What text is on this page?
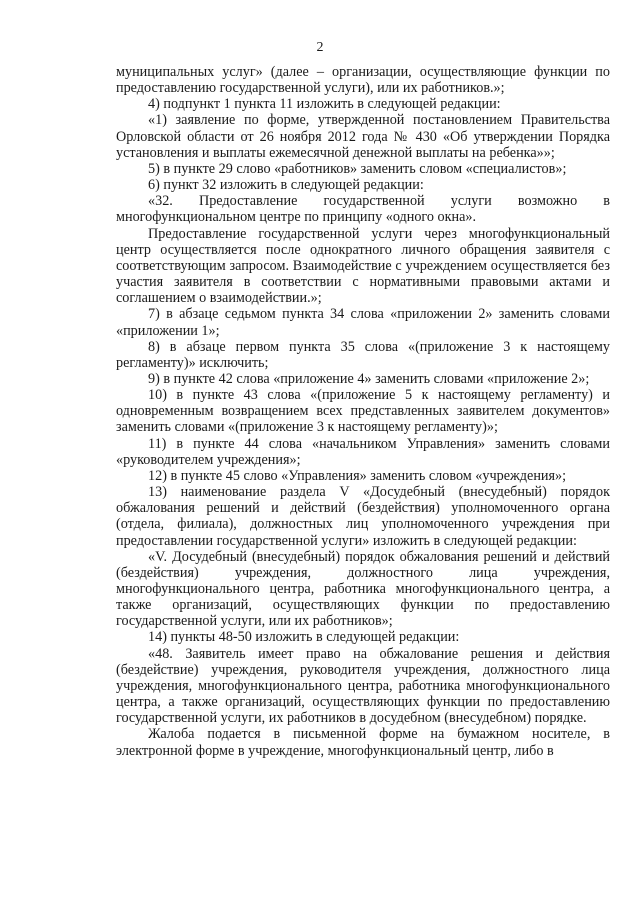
2

муниципальных услуг» (далее – организации, осуществляющие функции по предоставлению государственной услуги), или их работников.»;

4) подпункт 1 пункта 11 изложить в следующей редакции:

«1) заявление по форме, утвержденной постановлением Правительства Орловской области от 26 ноября 2012 года № 430 «Об утверждении Порядка установления и выплаты ежемесячной денежной выплаты на ребенка»»;

5) в пункте 29 слово «работников» заменить словом «специалистов»;

6) пункт 32 изложить в следующей редакции:

«32. Предоставление государственной услуги возможно в многофункциональном центре по принципу «одного окна».

Предоставление государственной услуги через многофункциональный центр осуществляется после однократного личного обращения заявителя с соответствующим запросом. Взаимодействие с учреждением осуществляется без участия заявителя в соответствии с нормативными правовыми актами и соглашением о взаимодействии.»;

7) в абзаце седьмом пункта 34 слова «приложении 2» заменить словами «приложении 1»;

8) в абзаце первом пункта 35 слова «(приложение 3 к настоящему регламенту)» исключить;

9) в пункте 42 слова «приложение 4» заменить словами «приложение 2»;

10) в пункте 43 слова «(приложение 5 к настоящему регламенту) и одновременным возвращением всех представленных заявителем документов» заменить словами «(приложение 3 к настоящему регламенту)»;

11) в пункте 44 слова «начальником Управления» заменить словами «руководителем учреждения»;

12) в пункте 45 слово «Управления» заменить словом «учреждения»;

13) наименование раздела V «Досудебный (внесудебный) порядок обжалования решений и действий (бездействия) уполномоченного органа (отдела, филиала), должностных лиц уполномоченного учреждения при предоставлении государственной услуги» изложить в следующей редакции:

«V. Досудебный (внесудебный) порядок обжалования решений и действий (бездействия) учреждения, должностного лица учреждения, многофункционального центра, работника многофункционального центра, а также организаций, осуществляющих функции по предоставлению государственной услуги, или их работников»;

14) пункты 48-50 изложить в следующей редакции:

«48. Заявитель имеет право на обжалование решения и действия (бездействие) учреждения, руководителя учреждения, должностного лица учреждения, многофункционального центра, работника многофункционального центра, а также организаций, осуществляющих функции по предоставлению государственной услуги, их работников в досудебном (внесудебном) порядке.

Жалоба подается в письменной форме на бумажном носителе, в электронной форме в учреждение, многофункциональный центр, либо в
